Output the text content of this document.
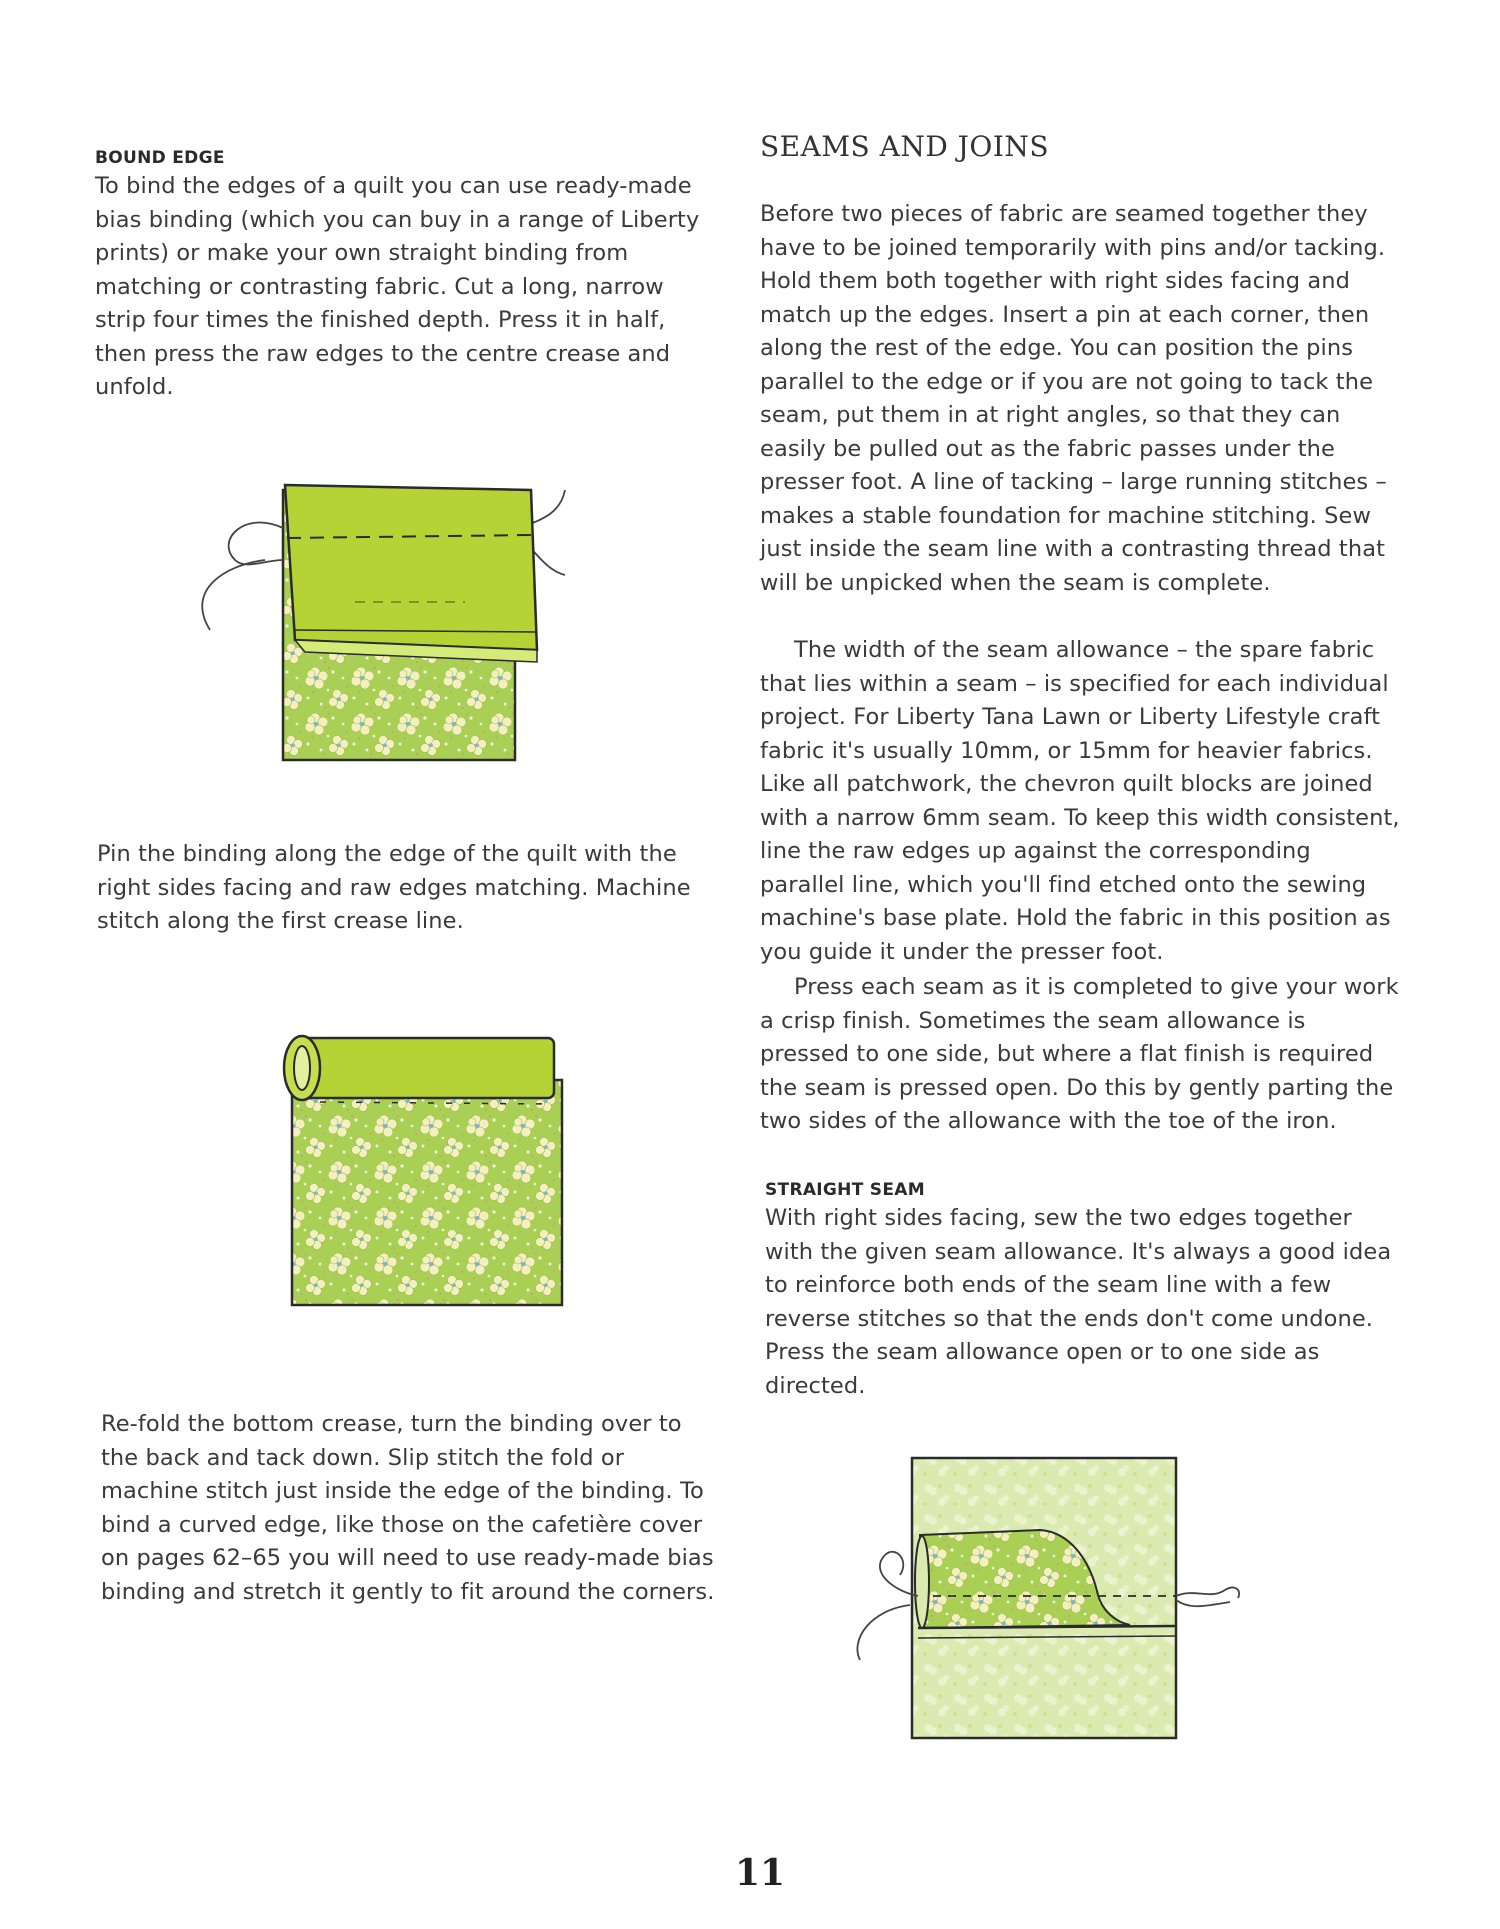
BOUND EDGE

To bind the edges of a quilt you can use ready-made bias binding (which you can buy in a range of Liberty prints) or make your own straight binding from matching or contrasting fabric. Cut a long, narrow strip four times the finished depth. Press it in half, then press the raw edges to the centre crease and unfold.

Pin the binding along the edge of the quilt with the right sides facing and raw edges matching. Machine stitch along the first crease line.

Re-fold the bottom crease, turn the binding over to the back and tack down. Slip stitch the fold or machine stitch just inside the edge of the binding. To bind a curved edge, like those on the cafetière cover on pages 62–65 you will need to use ready-made bias binding and stretch it gently to fit around the corners.

SEAMS AND JOINS

Before two pieces of fabric are seamed together they have to be joined temporarily with pins and/or tacking. Hold them both together with right sides facing and match up the edges. Insert a pin at each corner, then along the rest of the edge. You can position the pins parallel to the edge or if you are not going to tack the seam, put them in at right angles, so that they can easily be pulled out as the fabric passes under the presser foot. A line of tacking – large running stitches – makes a stable foundation for machine stitching. Sew just inside the seam line with a contrasting thread that will be unpicked when the seam is complete.

The width of the seam allowance – the spare fabric that lies within a seam – is specified for each individual project. For Liberty Tana Lawn or Liberty Lifestyle craft fabric it's usually 10mm, or 15mm for heavier fabrics. Like all patchwork, the chevron quilt blocks are joined with a narrow 6mm seam. To keep this width consistent, line the raw edges up against the corresponding parallel line, which you'll find etched onto the sewing machine's base plate. Hold the fabric in this position as you guide it under the presser foot.

Press each seam as it is completed to give your work a crisp finish. Sometimes the seam allowance is pressed to one side, but where a flat finish is required the seam is pressed open. Do this by gently parting the two sides of the allowance with the toe of the iron.

STRAIGHT SEAM

With right sides facing, sew the two edges together with the given seam allowance. It's always a good idea to reinforce both ends of the seam line with a few reverse stitches so that the ends don't come undone. Press the seam allowance open or to one side as directed.

11
